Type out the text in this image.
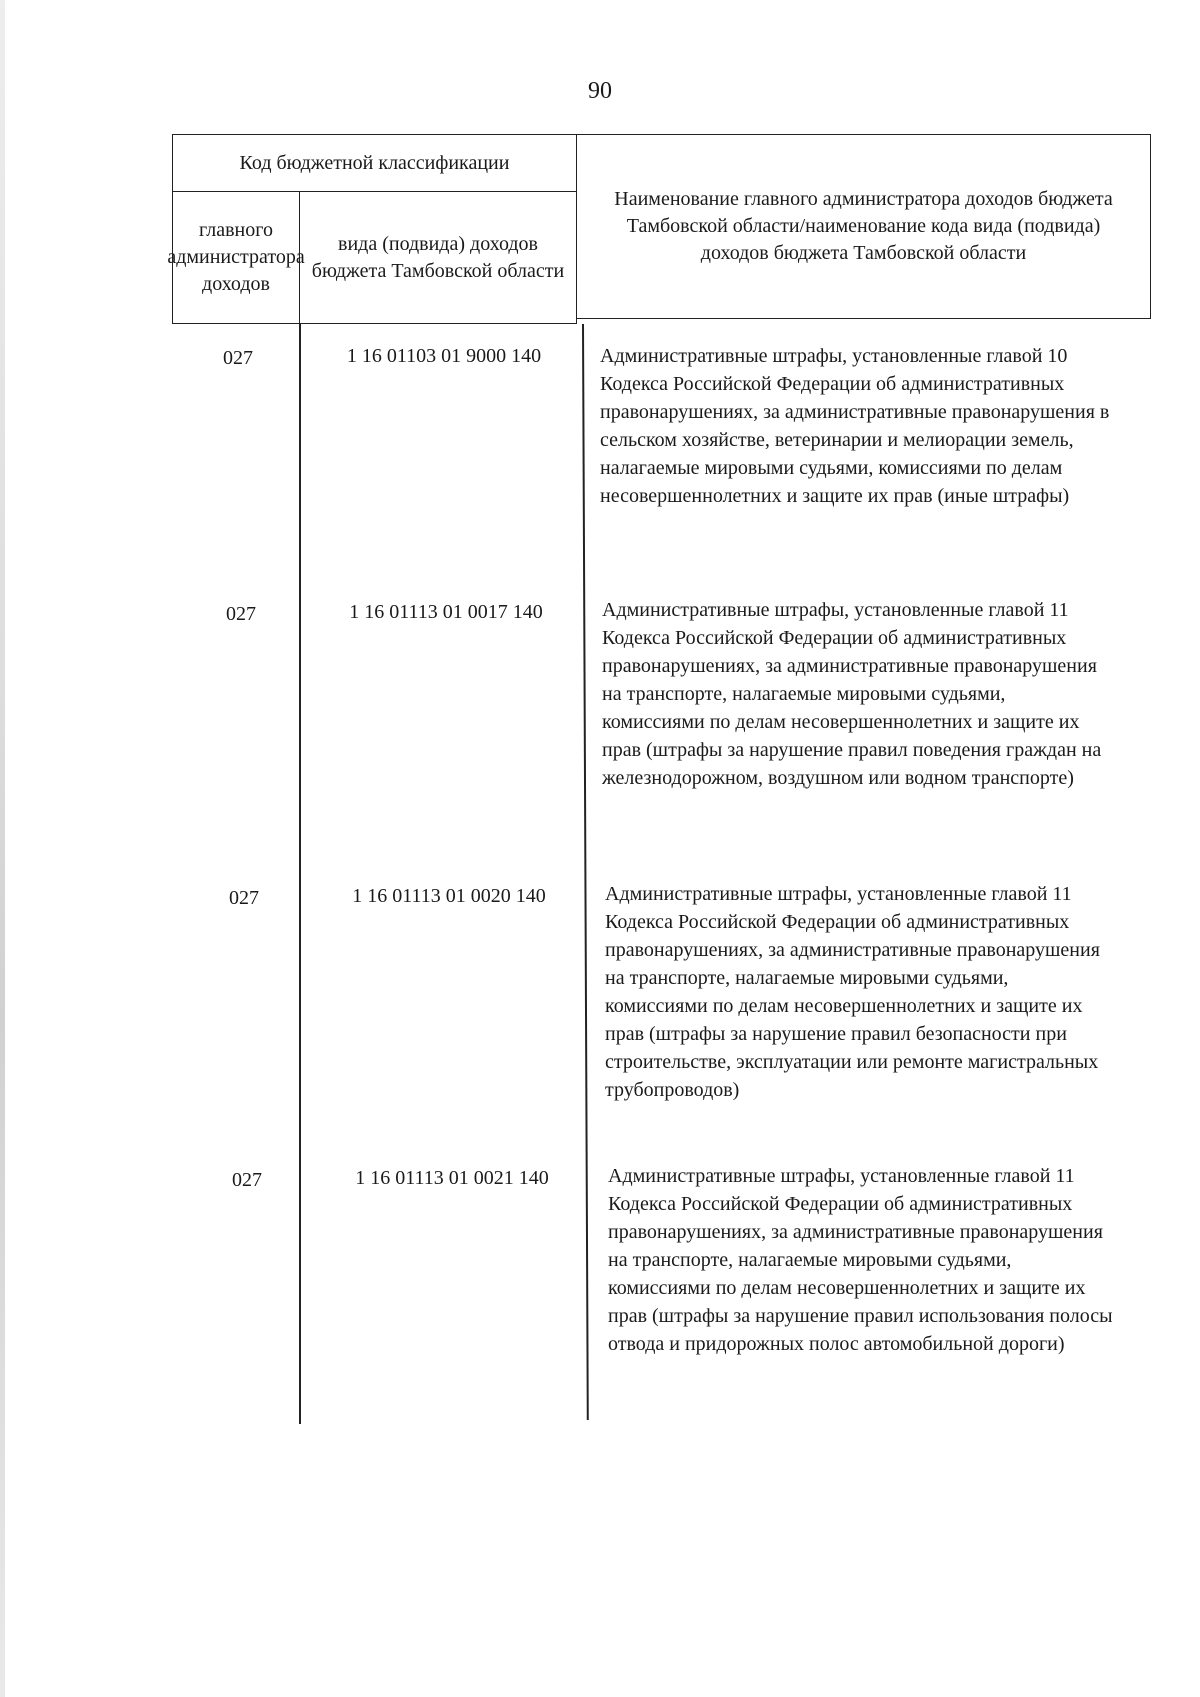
90
Код бюджетной классификации
главного администратора доходов
вида (подвида) доходов бюджета Тамбовской области
Наименование главного администратора доходов бюджета Тамбовской области/наименование кода вида (подвида) доходов бюджета Тамбовской области
027	1 16 01103 01 9000 140	Административные штрафы, установленные главой 10 Кодекса Российской Федерации об административных правонарушениях, за административные правонарушения в сельском хозяйстве, ветеринарии и мелиорации земель, налагаемые мировыми судьями, комиссиями по делам несовершеннолетних и защите их прав (иные штрафы)
027	1 16 01113 01 0017 140	Административные штрафы, установленные главой 11 Кодекса Российской Федерации об административных правонарушениях, за административные правонарушения на транспорте, налагаемые мировыми судьями, комиссиями по делам несовершеннолетних и защите их прав (штрафы за нарушение правил поведения граждан на железнодорожном, воздушном или водном транспорте)
027	1 16 01113 01 0020 140	Административные штрафы, установленные главой 11 Кодекса Российской Федерации об административных правонарушениях, за административные правонарушения на транспорте, налагаемые мировыми судьями, комиссиями по делам несовершеннолетних и защите их прав (штрафы за нарушение правил безопасности при строительстве, эксплуатации или ремонте магистральных трубопроводов)
027	1 16 01113 01 0021 140	Административные штрафы, установленные главой 11 Кодекса Российской Федерации об административных правонарушениях, за административные правонарушения на транспорте, налагаемые мировыми судьями, комиссиями по делам несовершеннолетних и защите их прав (штрафы за нарушение правил использования полосы отвода и придорожных полос автомобильной дороги)
